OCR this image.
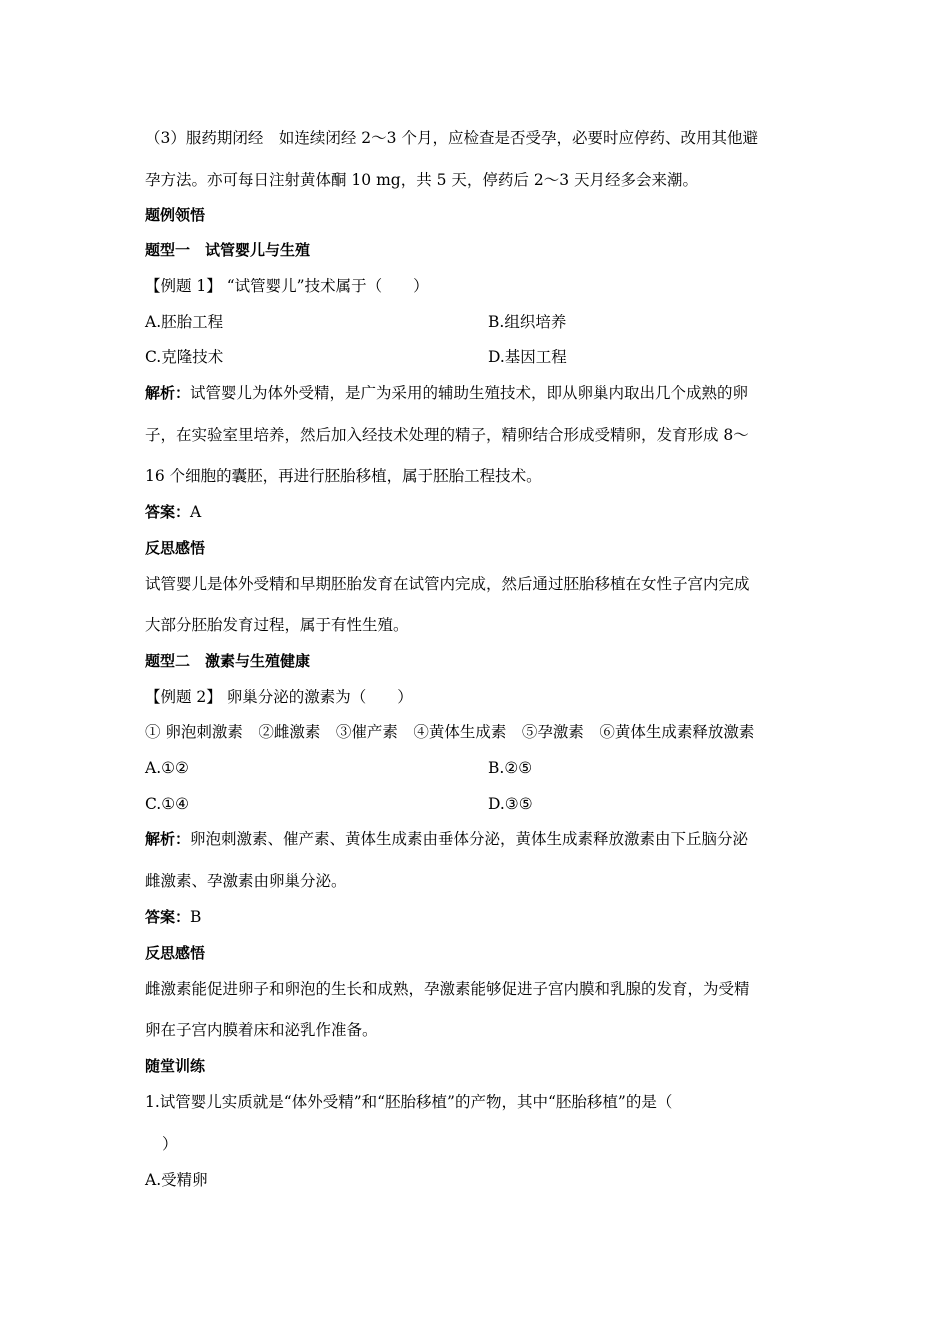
（3）服药期闭经　如连续闭经 2～3 个月，应检查是否受孕，必要时应停药、改用其他避
孕方法。亦可每日注射黄体酮 10 mg，共 5 天，停药后 2～3 天月经多会来潮。
题例领悟
题型一　试管婴儿与生殖
【例题 1】 “试管婴儿”技术属于（　　）
A.胚胎工程	B.组织培养
C.克隆技术	D.基因工程
解析：试管婴儿为体外受精，是广为采用的辅助生殖技术，即从卵巢内取出几个成熟的卵
子，在实验室里培养，然后加入经技术处理的精子，精卵结合形成受精卵，发育形成 8～
16 个细胞的囊胚，再进行胚胎移植，属于胚胎工程技术。
答案：A
反思感悟
试管婴儿是体外受精和早期胚胎发育在试管内完成，然后通过胚胎移植在女性子宫内完成
大部分胚胎发育过程，属于有性生殖。
题型二　激素与生殖健康
【例题 2】 卵巢分泌的激素为（　　）
① 卵泡刺激素　②雌激素　③催产素　④黄体生成素　⑤孕激素　⑥黄体生成素释放激素
A.①②	B.②⑤
C.①④	D.③⑤
解析：卵泡刺激素、催产素、黄体生成素由垂体分泌，黄体生成素释放激素由下丘脑分泌
雌激素、孕激素由卵巢分泌。
答案：B
反思感悟
雌激素能促进卵子和卵泡的生长和成熟，孕激素能够促进子宫内膜和乳腺的发育，为受精
卵在子宫内膜着床和泌乳作准备。
随堂训练
1.试管婴儿实质就是“体外受精”和“胚胎移植”的产物，其中“胚胎移植”的是（
）
A.受精卵
